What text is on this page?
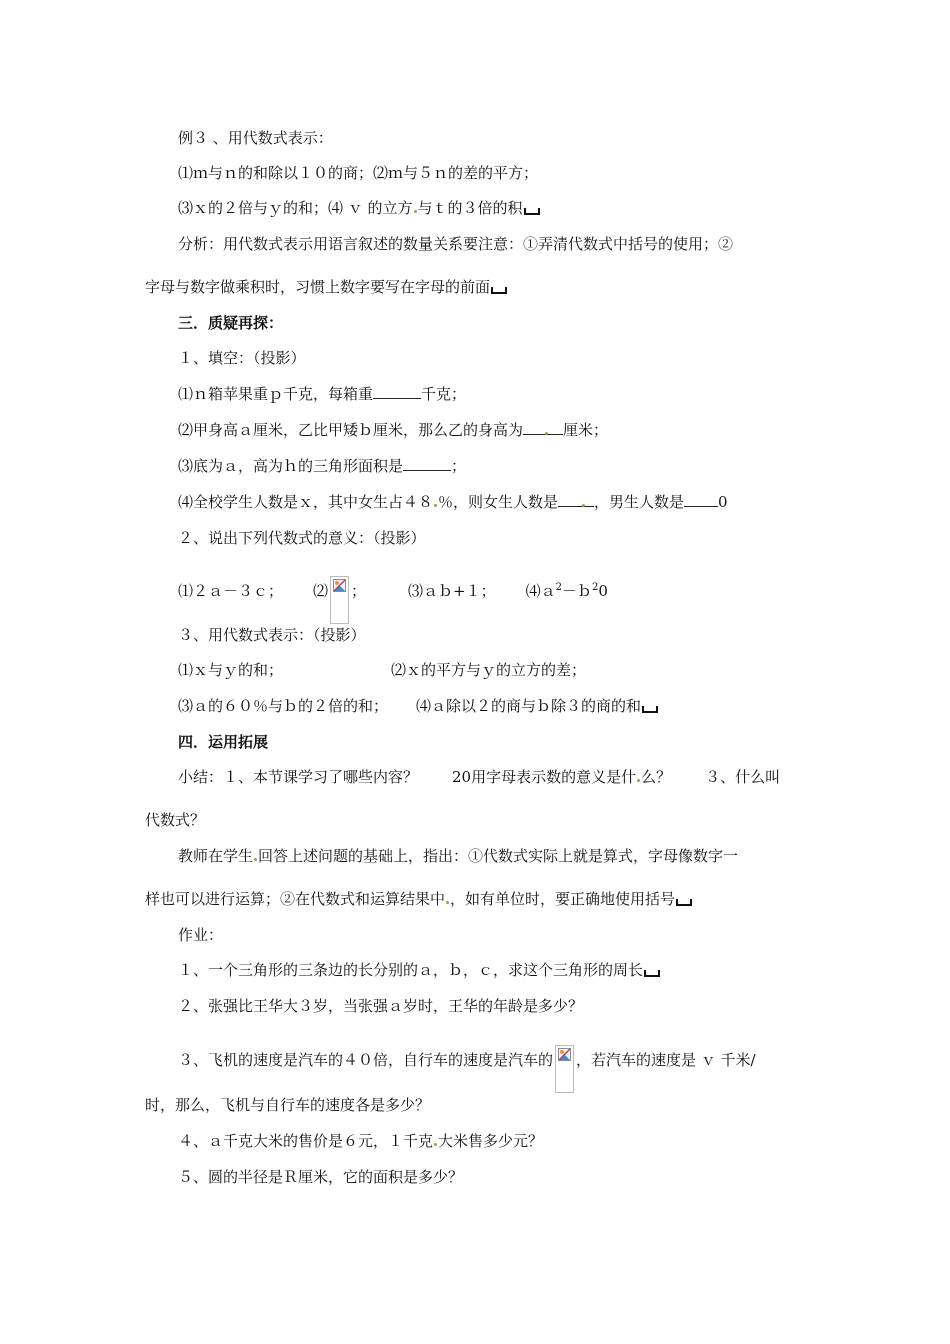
例３ 、用代数式表示：
⑴ｍ与ｎ的和除以１０的商；⑵ｍ与５ｎ的差的平方；
⑶ｘ的２倍与ｙ的和；⑷ ｖ 的立方 与ｔ的３倍的积
分析：用代数式表示用语言叙述的数量关系要注意：①弄清代数式中括号的使用；②
字母与数字做乘积时，习惯上数字要写在字母的前面
三．质疑再探：
１、填空：（投影）
⑴ｎ箱苹果重ｐ千克，每箱重	千克；
⑵甲身高ａ厘米，乙比甲矮ｂ厘米，那么乙的身高为	厘米；
⑶底为ａ，高为ｈ的三角形面积是	；
⑷全校学生人数是ｘ，其中女生占４８ ％，则女生人数是 ，男生人数是 0
２、说出下列代数式的意义：（投影）
⑴２ａ－３ｃ； ⑵ ；	⑶ａｂ+１； ⑷ａ$^2$－ｂ$^2$0
３、用代数式表示：（投影）
⑴ｘ与ｙ的和；	⑵ｘ的平方与ｙ的立方的差；
⑶ａ的６０％与ｂ的２倍的和； ⑷ａ除以２的商与ｂ除３的商的和
四．运用拓展
小结：１、本节课学习了哪些内容？ 20用字母表示数的意义是什 么？ ３、什么叫
代数式？
教师在学生 回答上述问题的基础上，指出：①代数式实际上就是算式，字母像数字一
样也可以进行运算；②在代数式和运算结果中 ，如有单位时，要正确地使用括号
作业：
１、一个三角形的三条边的长分别的ａ，ｂ，ｃ，求这个三角形的周长
２、张强比王华大３岁，当张强ａ岁时，王华的年龄是多少？
３、飞机的速度是汽车的４０倍，自行车的速度是汽车的 ，若汽车的速度是 ｖ 千米/
时，那么，飞机与自行车的速度各是多少？
４、ａ千克大米的售价是６元，１千克 大米售多少元？
５、圆的半径是Ｒ厘米，它的面积是多少？
